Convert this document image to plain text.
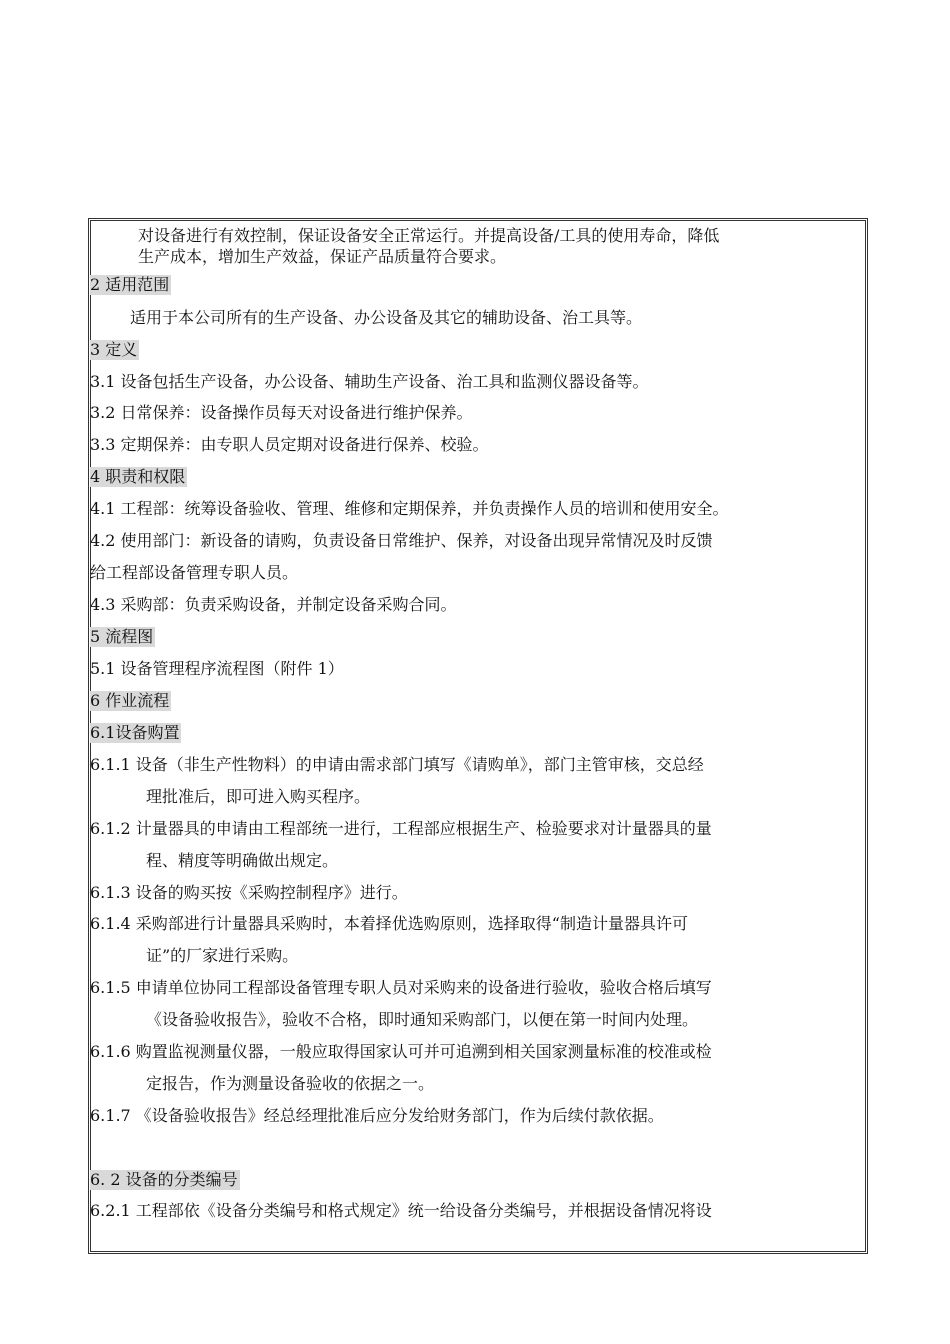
对设备进行有效控制，保证设备安全正常运行。并提高设备/工具的使用寿命，降低
生产成本，增加生产效益，保证产品质量符合要求。
2 适用范围
适用于本公司所有的生产设备、办公设备及其它的辅助设备、治工具等。
3 定义
3.1 设备包括生产设备，办公设备、辅助生产设备、治工具和监测仪器设备等。
3.2 日常保养：设备操作员每天对设备进行维护保养。
3.3 定期保养：由专职人员定期对设备进行保养、校验。
4 职责和权限
4.1 工程部：统筹设备验收、管理、维修和定期保养，并负责操作人员的培训和使用安全。
4.2 使用部门：新设备的请购，负责设备日常维护、保养，对设备出现异常情况及时反馈
给工程部设备管理专职人员。
4.3 采购部：负责采购设备，并制定设备采购合同。
5 流程图
5.1 设备管理程序流程图（附件 1）
6 作业流程
6.1设备购置
6.1.1 设备（非生产性物料）的申请由需求部门填写《请购单》，部门主管审核，交总经
理批准后，即可进入购买程序。
6.1.2 计量器具的申请由工程部统一进行，工程部应根据生产、检验要求对计量器具的量
程、精度等明确做出规定。
6.1.3 设备的购买按《采购控制程序》进行。
6.1.4 采购部进行计量器具采购时，本着择优选购原则，选择取得“制造计量器具许可
证”的厂家进行采购。
6.1.5 申请单位协同工程部设备管理专职人员对采购来的设备进行验收，验收合格后填写
《设备验收报告》，验收不合格，即时通知采购部门，以便在第一时间内处理。
6.1.6 购置监视测量仪器，一般应取得国家认可并可追溯到相关国家测量标准的校准或检
定报告，作为测量设备验收的依据之一。
6.1.7 《设备验收报告》经总经理批准后应分发给财务部门，作为后续付款依据。
6. 2 设备的分类编号
6.2.1 工程部依《设备分类编号和格式规定》统一给设备分类编号，并根据设备情况将设
